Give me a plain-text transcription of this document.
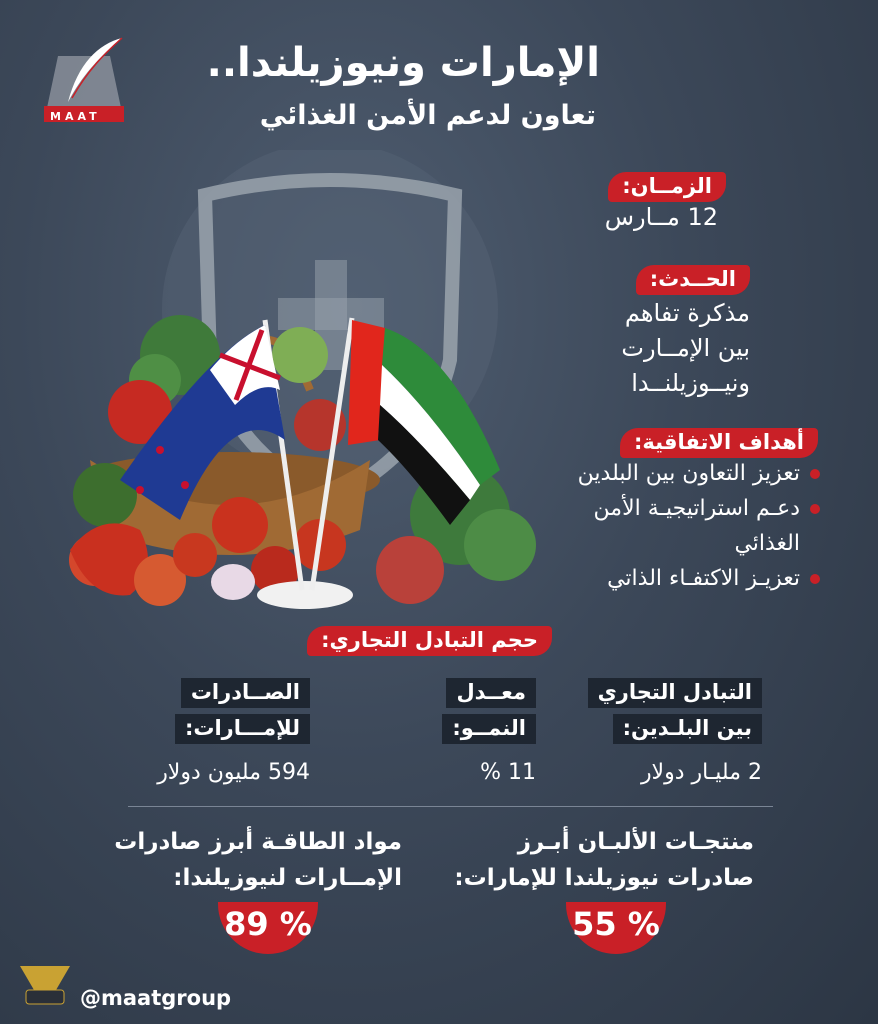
MAAT
الإمارات ونيوزيلندا..
تعاون لدعم الأمن الغذائي
الزمــان:
12 مــارس
الحــدث:
مذكرة تفاهم
بين الإمــارت
ونيــوزيلنــدا
أهداف الاتفاقية:
تعزيز التعاون بين البلدين
دعـم استراتيجيـة الأمن
الغذائي
تعزيـز الاكتفـاء الذاتي
حجم التبادل التجاري:
التبادل التجاري
بين البلـدين:
2 مليـار دولار
معــدل
النمــو:
11 %
الصــادرات
للإمـــارات:
594 مليون دولار
منتجـات الألبـان أبـرز
صادرات نيوزيلندا للإمارات:
55 %
مواد الطاقـة أبرز صادرات
الإمــارات لنيوزيلندا:
89 %
@maatgroup
